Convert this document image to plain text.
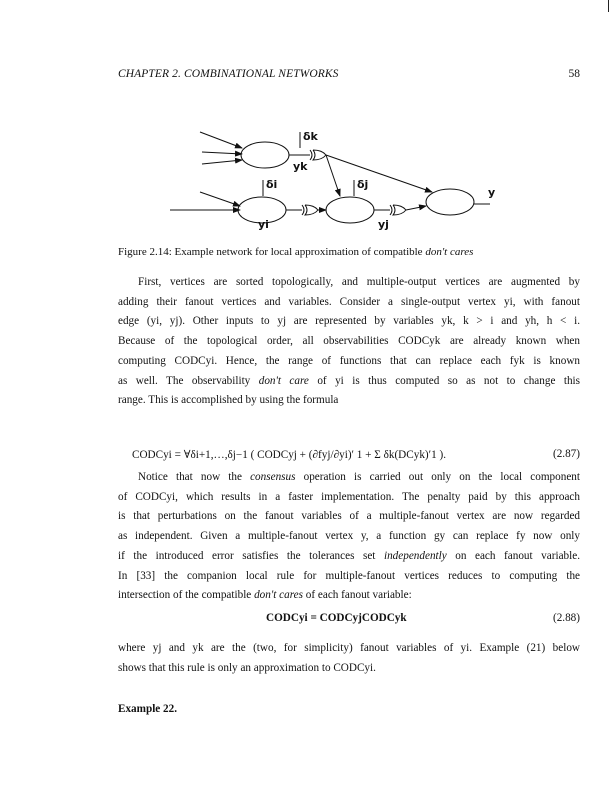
CHAPTER 2. COMBINATIONAL NETWORKS	58
δk
δi	δj
yk
yi	yj
y
Figure 2.14: Example network for local approximation of compatible don't cares
First, vertices are sorted topologically, and multiple-output vertices are augmented by
adding their fanout vertices and variables. Consider a single-output vertex yi, with fanout
edge (yi, yj). Other inputs to yj are represented by variables yk, k > i and yh, h < i.
Because of the topological order, all observabilities CODCyk are already known when
computing CODCyi. Hence, the range of functions that can replace each fyk is known
as well. The observability don't care of yi is thus computed so as not to change this
range. This is accomplished by using the formula
CODCyi = ∀δi+1,…,δj−1 ( CODCyj + (∂fyj/∂yi)′ 1 + Σ δk(DCyk)′1 ).	(2.87)
Notice that now the consensus operation is carried out only on the local component
of CODCyi, which results in a faster implementation. The penalty paid by this approach
is that perturbations on the fanout variables of a multiple-fanout vertex are now regarded
as independent. Given a multiple-fanout vertex y, a function gy can replace fy now only
if the introduced error satisfies the tolerances set independently on each fanout variable.
In [33] the companion local rule for multiple-fanout vertices reduces to computing the
intersection of the compatible don't cares of each fanout variable:
CODCyi = CODCyjCODCyk	(2.88)
where yj and yk are the (two, for simplicity) fanout variables of yi. Example (21) below
shows that this rule is only an approximation to CODCyi.
Example 22.
